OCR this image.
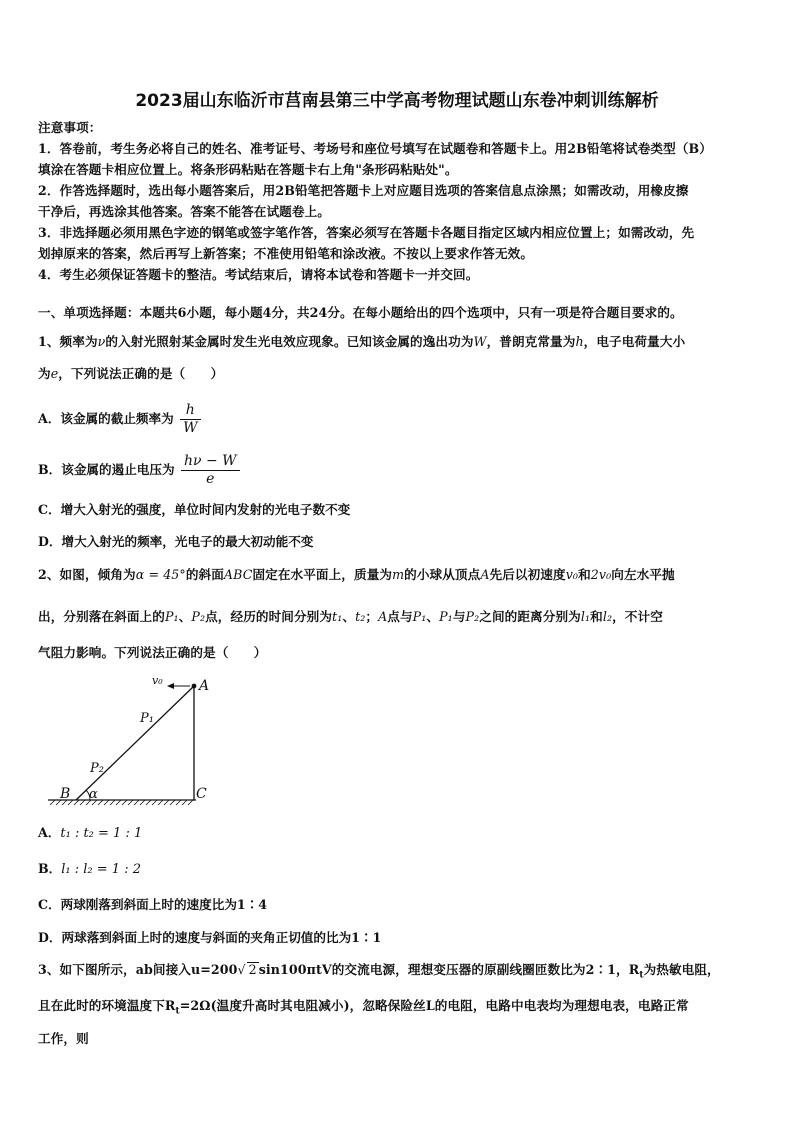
2023届山东临沂市莒南县第三中学高考物理试题山东卷冲刺训练解析
注意事项：
1．答卷前，考生务必将自己的姓名、准考证号、考场号和座位号填写在试题卷和答题卡上。用2B铅笔将试卷类型（B）
填涂在答题卡相应位置上。将条形码粘贴在答题卡右上角"条形码粘贴处"。
2．作答选择题时，选出每小题答案后，用2B铅笔把答题卡上对应题目选项的答案信息点涂黑；如需改动，用橡皮擦
干净后，再选涂其他答案。答案不能答在试题卷上。
3．非选择题必须用黑色字迹的钢笔或签字笔作答，答案必须写在答题卡各题目指定区域内相应位置上；如需改动，先
划掉原来的答案，然后再写上新答案；不准使用铅笔和涂改液。不按以上要求作答无效。
4．考生必须保证答题卡的整洁。考试结束后，请将本试卷和答题卡一并交回。
一、单项选择题：本题共6小题，每小题4分，共24分。在每小题给出的四个选项中，只有一项是符合题目要求的。
1、频率为ν的入射光照射某金属时发生光电效应现象。已知该金属的逸出功为W，普朗克常量为h，电子电荷量大小
为e，下列说法正确的是（　　）
A．该金属的截止频率为 $\frac{h}{W}$
B．该金属的遏止电压为 $\frac{h\nu - W}{e}$
C．增大入射光的强度，单位时间内发射的光电子数不变
D．增大入射光的频率，光电子的最大初动能不变
2、如图，倾角为α = 45°的斜面ABC固定在水平面上，质量为m的小球从顶点A先后以初速度v₀和2v₀向左水平抛
出，分别落在斜面上的P₁、P₂点，经历的时间分别为t₁、t₂；A点与P₁、P₁与P₂之间的距离分别为l₁和l₂，不计空
气阻力影响。下列说法正确的是（　　）
v₀	A
P₁
P₂
B α	C
A．t₁ : t₂ = 1 : 1
B．l₁ : l₂ = 1 : 2
C．两球刚落到斜面上时的速度比为1∶4
D．两球落到斜面上时的速度与斜面的夹角正切值的比为1∶1
3、如下图所示，ab间接入u=200√ 2 sin100πtV的交流电源，理想变压器的原副线圈匝数比为2∶1，$R_t$为热敏电阻，
且在此时的环境温度下$R_t=2\Omega$(温度升高时其电阻减小)，忽略保险丝L的电阻，电路中电表均为理想电表，电路正常
工作，则
